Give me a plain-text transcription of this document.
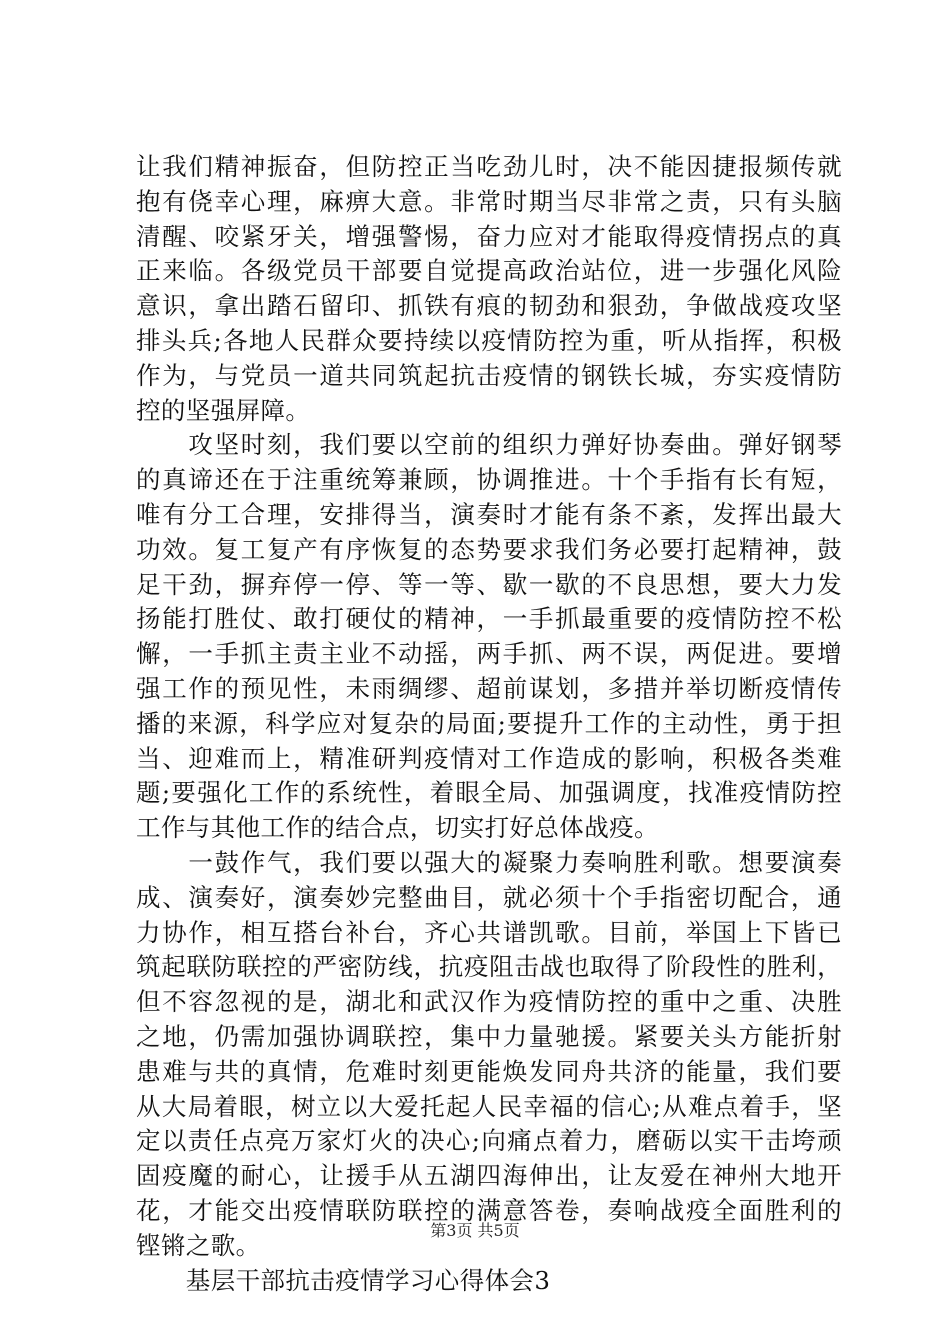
让我们精神振奋，但防控正当吃劲儿时，决不能因捷报频传就
抱有侥幸心理，麻痹大意。非常时期当尽非常之责，只有头脑
清醒、咬紧牙关，增强警惕，奋力应对才能取得疫情拐点的真
正来临。各级党员干部要自觉提高政治站位，进一步强化风险
意识，拿出踏石留印、抓铁有痕的韧劲和狠劲，争做战疫攻坚
排头兵;各地人民群众要持续以疫情防控为重，听从指挥，积极
作为，与党员一道共同筑起抗击疫情的钢铁长城，夯实疫情防
控的坚强屏障。
　　攻坚时刻，我们要以空前的组织力弹好协奏曲。弹好钢琴
的真谛还在于注重统筹兼顾，协调推进。十个手指有长有短，
唯有分工合理，安排得当，演奏时才能有条不紊，发挥出最大
功效。复工复产有序恢复的态势要求我们务必要打起精神，鼓
足干劲，摒弃停一停、等一等、歇一歇的不良思想，要大力发
扬能打胜仗、敢打硬仗的精神，一手抓最重要的疫情防控不松
懈，一手抓主责主业不动摇，两手抓、两不误，两促进。要增
强工作的预见性，未雨绸缪、超前谋划，多措并举切断疫情传
播的来源，科学应对复杂的局面;要提升工作的主动性，勇于担
当、迎难而上，精准研判疫情对工作造成的影响，积极各类难
题;要强化工作的系统性，着眼全局、加强调度，找准疫情防控
工作与其他工作的结合点，切实打好总体战疫。
　　一鼓作气，我们要以强大的凝聚力奏响胜利歌。想要演奏
成、演奏好，演奏妙完整曲目，就必须十个手指密切配合，通
力协作，相互搭台补台，齐心共谱凯歌。目前，举国上下皆已
筑起联防联控的严密防线，抗疫阻击战也取得了阶段性的胜利，
但不容忽视的是，湖北和武汉作为疫情防控的重中之重、决胜
之地，仍需加强协调联控，集中力量驰援。紧要关头方能折射
患难与共的真情，危难时刻更能焕发同舟共济的能量，我们要
从大局着眼，树立以大爱托起人民幸福的信心;从难点着手，坚
定以责任点亮万家灯火的决心;向痛点着力，磨砺以实干击垮顽
固疫魔的耐心，让援手从五湖四海伸出，让友爱在神州大地开
花，才能交出疫情联防联控的满意答卷，奏响战疫全面胜利的
铿锵之歌。
　　基层干部抗击疫情学习心得体会3
第3页 共5页
